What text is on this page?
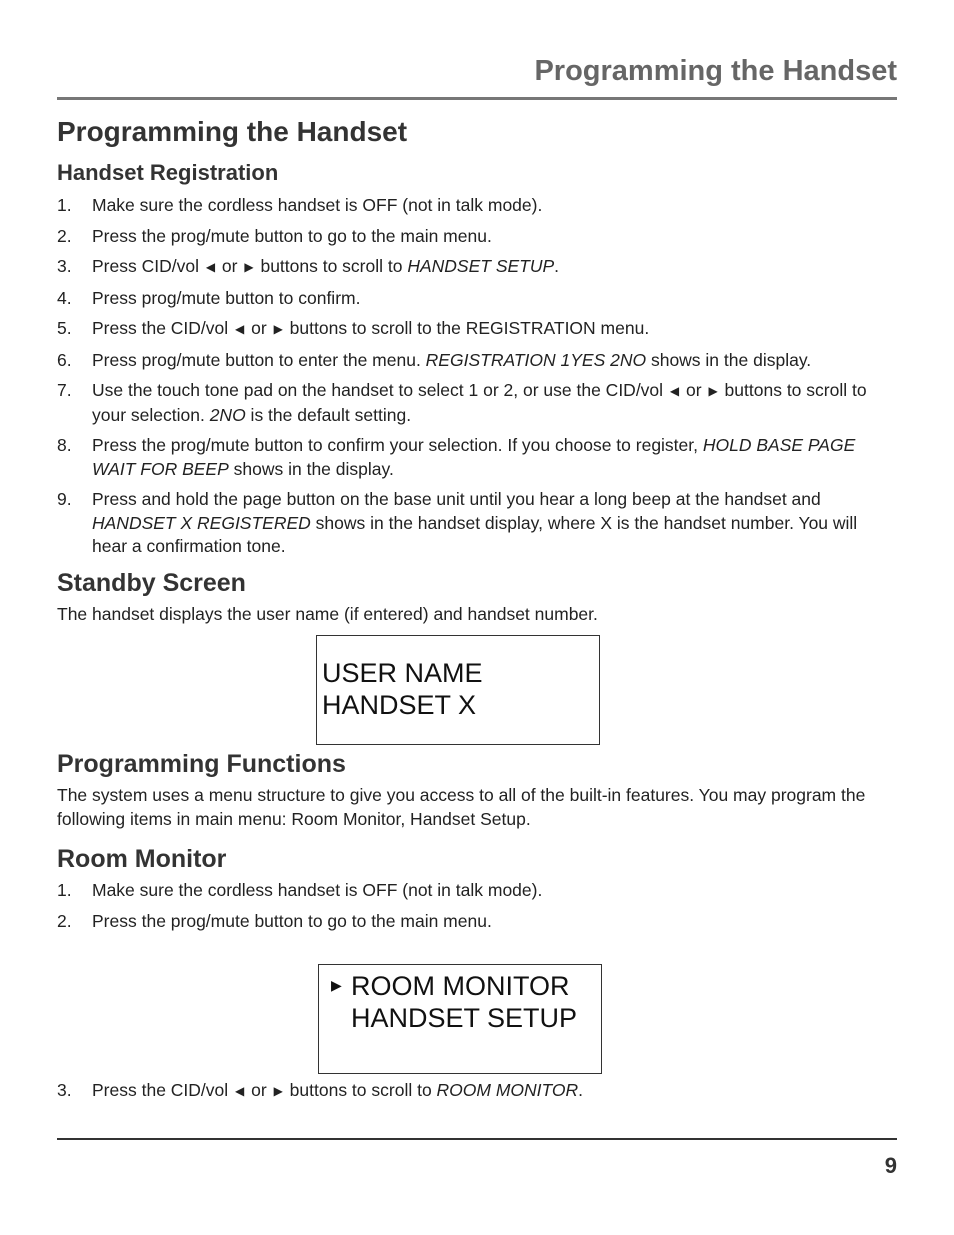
Programming the Handset
Programming the Handset
Handset Registration
1. Make sure the cordless handset is OFF (not in talk mode).
2. Press the prog/mute button to go to the main menu.
3. Press CID/vol ◀ or ▶ buttons to scroll to HANDSET SETUP.
4. Press prog/mute button to confirm.
5. Press the CID/vol ◀ or ▶ buttons to scroll to the REGISTRATION menu.
6. Press prog/mute button to enter the menu. REGISTRATION 1YES 2NO shows in the display.
7. Use the touch tone pad on the handset to select 1 or 2, or use the CID/vol ◀ or ▶ buttons to scroll to your selection. 2NO is the default setting.
8. Press the prog/mute button to confirm your selection. If you choose to register, HOLD BASE PAGE WAIT FOR BEEP shows in the display.
9. Press and hold the page button on the base unit until you hear a long beep at the handset and HANDSET X REGISTERED shows in the handset display, where X is the handset number. You will hear a confirmation tone.
Standby Screen
The handset displays the user name (if entered) and handset number.
USER NAME
HANDSET X
Programming Functions
The system uses a menu structure to give you access to all of the built-in features. You may program the following items in main menu: Room Monitor, Handset Setup.
Room Monitor
1. Make sure the cordless handset is OFF (not in talk mode).
2. Press the prog/mute button to go to the main menu.
▶ ROOM MONITOR
HANDSET SETUP
3. Press the CID/vol ◀ or ▶ buttons to scroll to ROOM MONITOR.
9
